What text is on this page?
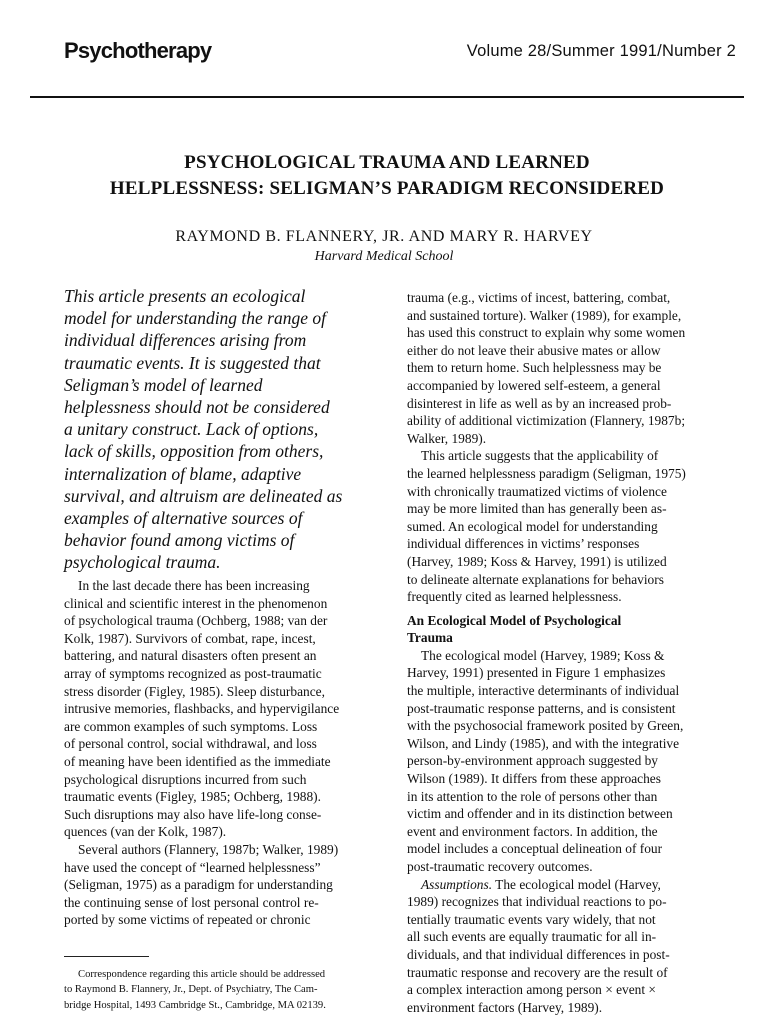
Psychotherapy	Volume 28/Summer 1991/Number 2
PSYCHOLOGICAL TRAUMA AND LEARNED
HELPLESSNESS: SELIGMAN’S PARADIGM RECONSIDERED
RAYMOND B. FLANNERY, JR. AND MARY R. HARVEY
Harvard Medical School
This article presents an ecological
model for understanding the range of
individual differences arising from
traumatic events. It is suggested that
Seligman’s model of learned
helplessness should not be considered
a unitary construct. Lack of options,
lack of skills, opposition from others,
internalization of blame, adaptive
survival, and altruism are delineated as
examples of alternative sources of
behavior found among victims of
psychological trauma.
In the last decade there has been increasing
clinical and scientific interest in the phenomenon
of psychological trauma (Ochberg, 1988; van der
Kolk, 1987). Survivors of combat, rape, incest,
battering, and natural disasters often present an
array of symptoms recognized as post-traumatic
stress disorder (Figley, 1985). Sleep disturbance,
intrusive memories, flashbacks, and hypervigilance
are common examples of such symptoms. Loss
of personal control, social withdrawal, and loss
of meaning have been identified as the immediate
psychological disruptions incurred from such
traumatic events (Figley, 1985; Ochberg, 1988).
Such disruptions may also have life-long conse-
quences (van der Kolk, 1987).
Several authors (Flannery, 1987b; Walker, 1989)
have used the concept of “learned helplessness”
(Seligman, 1975) as a paradigm for understanding
the continuing sense of lost personal control re-
ported by some victims of repeated or chronic
Correspondence regarding this article should be addressed
to Raymond B. Flannery, Jr., Dept. of Psychiatry, The Cam-
bridge Hospital, 1493 Cambridge St., Cambridge, MA 02139.
trauma (e.g., victims of incest, battering, combat,
and sustained torture). Walker (1989), for example,
has used this construct to explain why some women
either do not leave their abusive mates or allow
them to return home. Such helplessness may be
accompanied by lowered self-esteem, a general
disinterest in life as well as by an increased prob-
ability of additional victimization (Flannery, 1987b;
Walker, 1989).
This article suggests that the applicability of
the learned helplessness paradigm (Seligman, 1975)
with chronically traumatized victims of violence
may be more limited than has generally been as-
sumed. An ecological model for understanding
individual differences in victims’ responses
(Harvey, 1989; Koss & Harvey, 1991) is utilized
to delineate alternate explanations for behaviors
frequently cited as learned helplessness.
An Ecological Model of Psychological
Trauma
The ecological model (Harvey, 1989; Koss &
Harvey, 1991) presented in Figure 1 emphasizes
the multiple, interactive determinants of individual
post-traumatic response patterns, and is consistent
with the psychosocial framework posited by Green,
Wilson, and Lindy (1985), and with the integrative
person-by-environment approach suggested by
Wilson (1989). It differs from these approaches
in its attention to the role of persons other than
victim and offender and in its distinction between
event and environment factors. In addition, the
model includes a conceptual delineation of four
post-traumatic recovery outcomes.
Assumptions. The ecological model (Harvey,
1989) recognizes that individual reactions to po-
tentially traumatic events vary widely, that not
all such events are equally traumatic for all in-
dividuals, and that individual differences in post-
traumatic response and recovery are the result of
a complex interaction among person × event ×
environment factors (Harvey, 1989).
